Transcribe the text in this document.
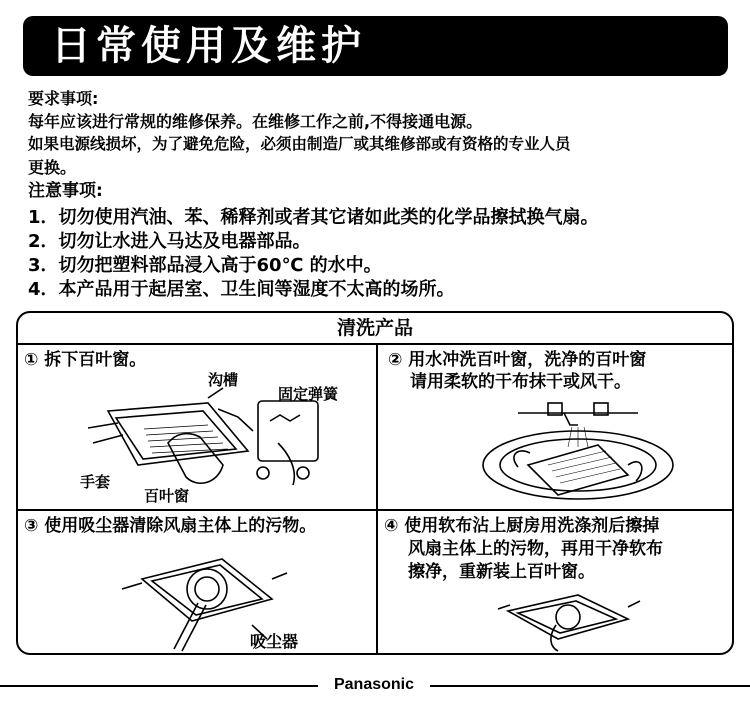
日常使用及维护

要求事项:

每年应该进行常规的维修保养。在维修工作之前,不得接通电源。

如果电源线损坏，为了避免危险，必须由制造厂或其维修部或有资格的专业人员

更换。

注意事项:

1．切勿使用汽油、苯、稀释剂或者其它诸如此类的化学品擦拭换气扇。

2．切勿让水进入马达及电器部品。

3．切勿把塑料部品浸入高于60℃ 的水中。

4．本产品用于起居室、卫生间等湿度不太高的场所。

清洗产品

① 拆下百叶窗。

沟槽
固定弹簧
手套
百叶窗

② 用水冲洗百叶窗，洗净的百叶窗

请用柔软的干布抹干或风干。

③ 使用吸尘器清除风扇主体上的污物。

吸尘器

④ 使用软布沾上厨房用洗涤剂后擦掉

风扇主体上的污物，再用干净软布

擦净，重新装上百叶窗。

Panasonic
